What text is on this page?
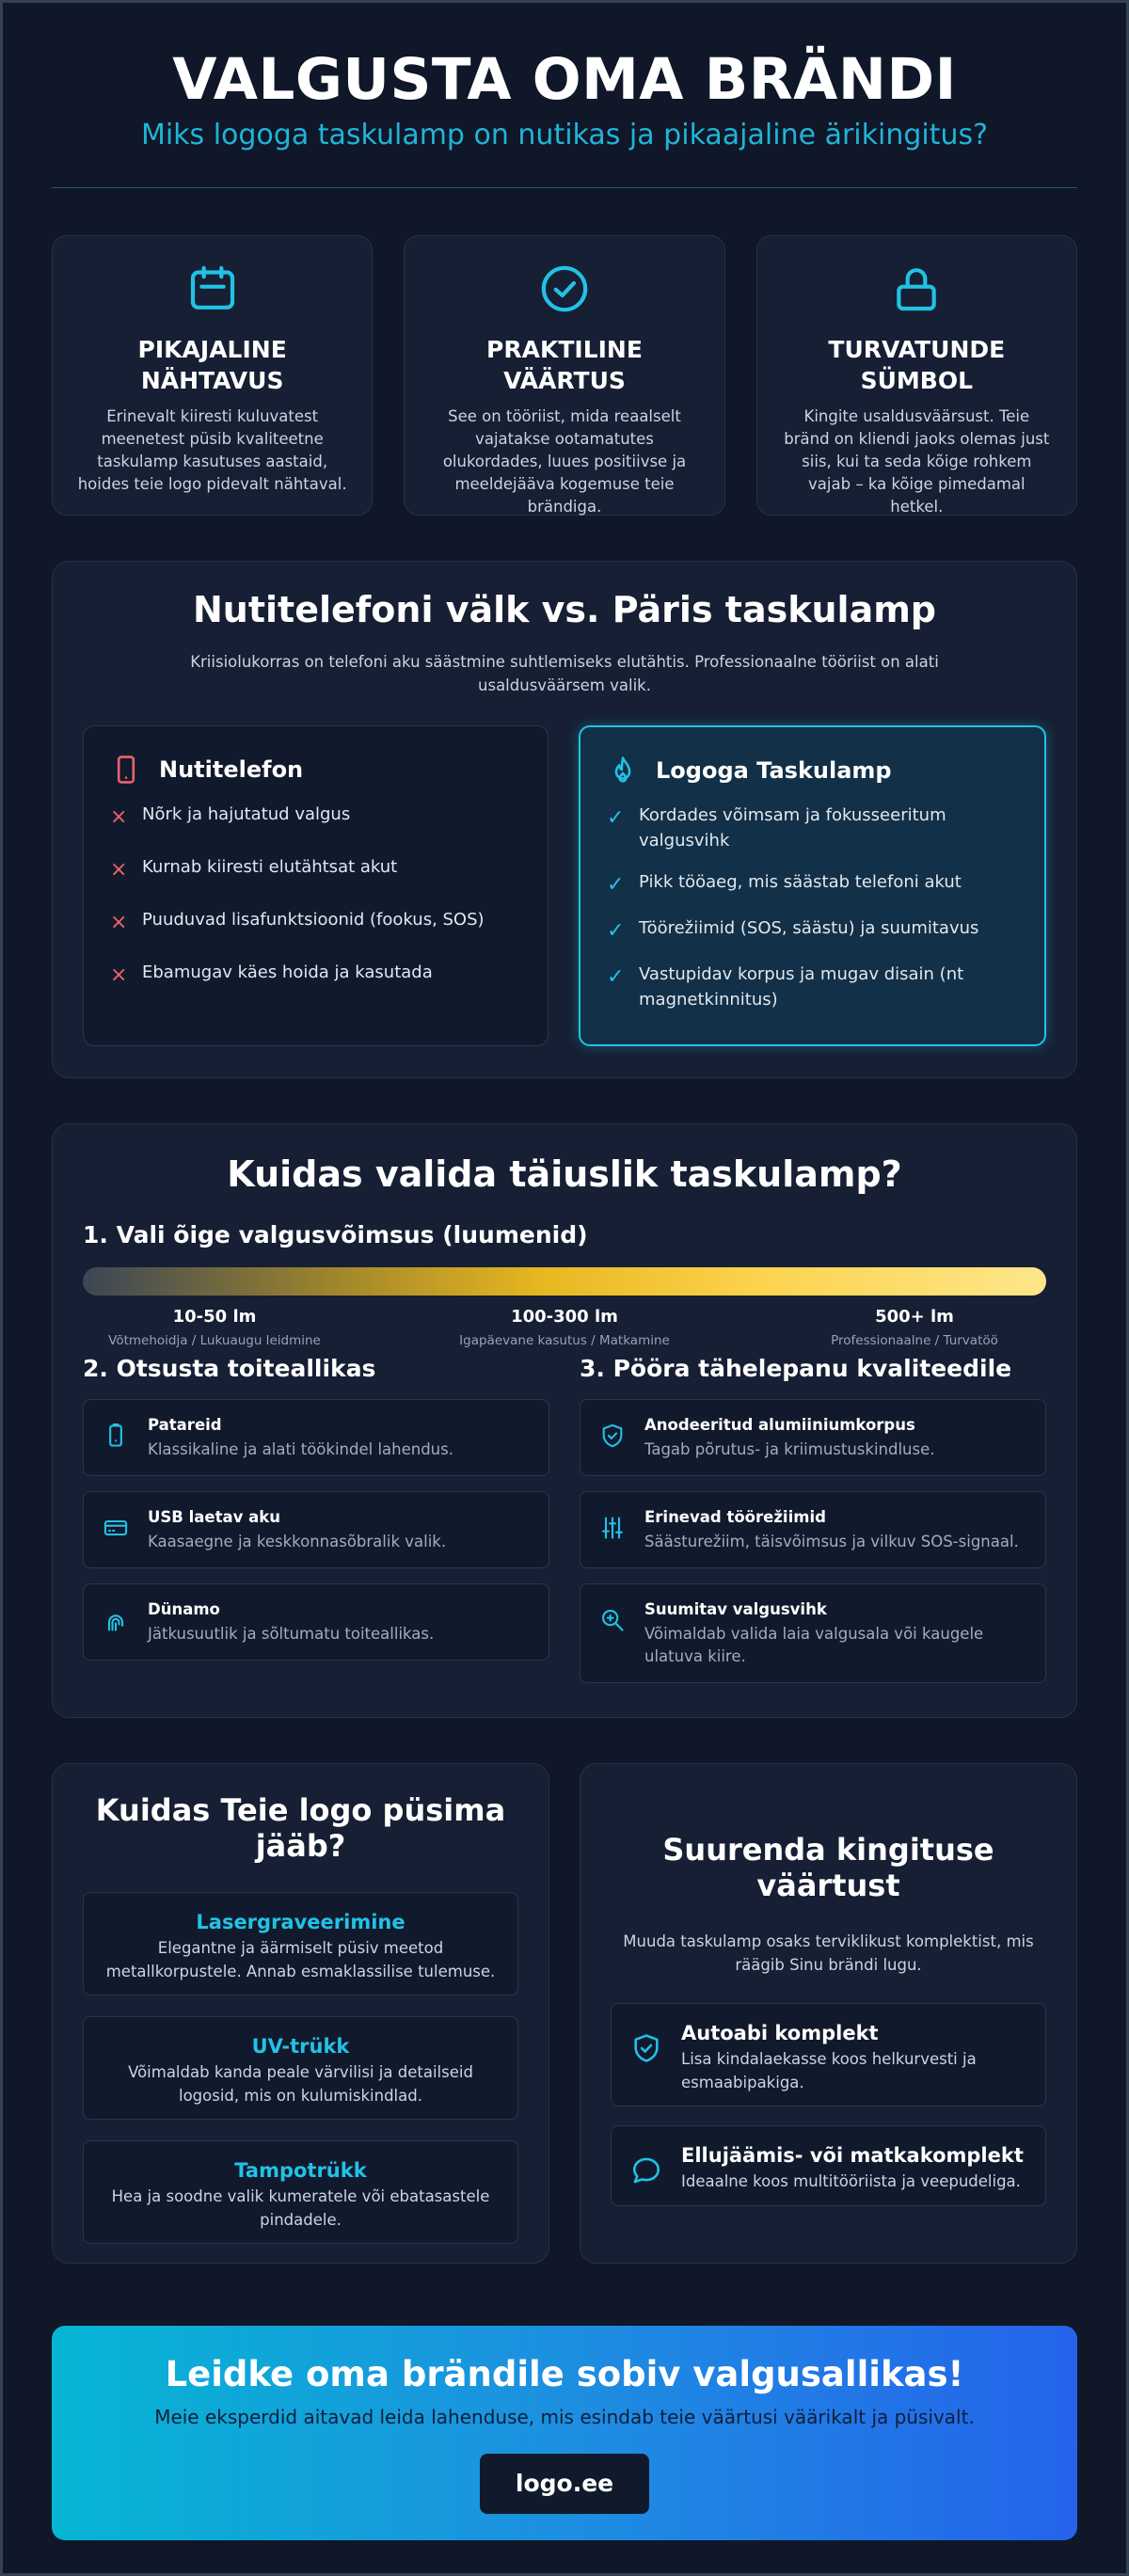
VALGUSTA OMA BRÄNDI
Miks logoga taskulamp on nutikas ja pikaajaline ärikingitus?
PIKAJALINE NÄHTAVUS

Erinevalt kiiresti kuluvatest meenetest püsib kvaliteetne taskulamp kasutuses aastaid, hoides teie logo pidevalt nähtaval.

PRAKTILINE VÄÄRTUS

See on tööriist, mida reaalselt vajatakse ootamatutes olukordades, luues positiivse ja meeldejääva kogemuse teie brändiga.

TURVATUNDE SÜMBOL

Kingite usaldusväärsust. Teie bränd on kliendi jaoks olemas just siis, kui ta seda kõige rohkem vajab – ka kõige pimedamal hetkel.

Nutitelefoni välk vs. Päris taskulamp

Kriisiolukorras on telefoni aku säästmine suhtlemiseks elutähtis. Professionaalne tööriist on alati usaldusväärsem valik.

Nutitelefon
× Nõrk ja hajutatud valgus
× Kurnab kiiresti elutähtsat akut
× Puuduvad lisafunktsioonid (fookus, SOS)
× Ebamugav käes hoida ja kasutada
Logoga Taskulamp
✓ Kordades võimsam ja fokusseeritum valgusvihk
✓ Pikk tööaeg, mis säästab telefoni akut
✓ Töörežiimid (SOS, säästu) ja suumitavus
✓ Vastupidav korpus ja mugav disain (nt magnetkinnitus)
Kuidas valida täiuslik taskulamp?
1. Vali õige valgusvõimsus (luumenid)
10-50 lm
Võtmehoidja / Lukuaugu leidmine
100-300 lm
Igapäevane kasutus / Matkamine
500+ lm
Professionaalne / Turvatöö
2. Otsusta toiteallikas
Patareid

Klassikaline ja alati töökindel lahendus.

USB laetav aku

Kaasaegne ja keskkonnasõbralik valik.

Dünamo

Jätkusuutlik ja sõltumatu toiteallikas.

3. Pööra tähelepanu kvaliteedile
Anodeeritud alumiiniumkorpus

Tagab põrutus- ja kriimustuskindluse.

Erinevad töörežiimid

Säästurežiim, täisvõimsus ja vilkuv SOS-signaal.

Suumitav valgusvihk

Võimaldab valida laia valgusala või kaugele ulatuva kiire.

Kuidas Teie logo püsima jääb?
Lasergraveerimine

Elegantne ja äärmiselt püsiv meetod metallkorpustele. Annab esmaklassilise tulemuse.

UV-trükk

Võimaldab kanda peale värvilisi ja detailseid logosid, mis on kulumiskindlad.

Tampotrükk

Hea ja soodne valik kumeratele või ebatasastele pindadele.

Suurenda kingituse väärtust

Muuda taskulamp osaks terviklikust komplektist, mis räägib Sinu brändi lugu.

Autoabi komplekt

Lisa kindalaekasse koos helkurvesti ja esmaabipakiga.

Ellujäämis- või matkakomplekt

Ideaalne koos multitööriista ja veepudeliga.

Leidke oma brändile sobiv valgusallikas!

Meie eksperdid aitavad leida lahenduse, mis esindab teie väärtusi väärikalt ja püsivalt.

logo.ee
